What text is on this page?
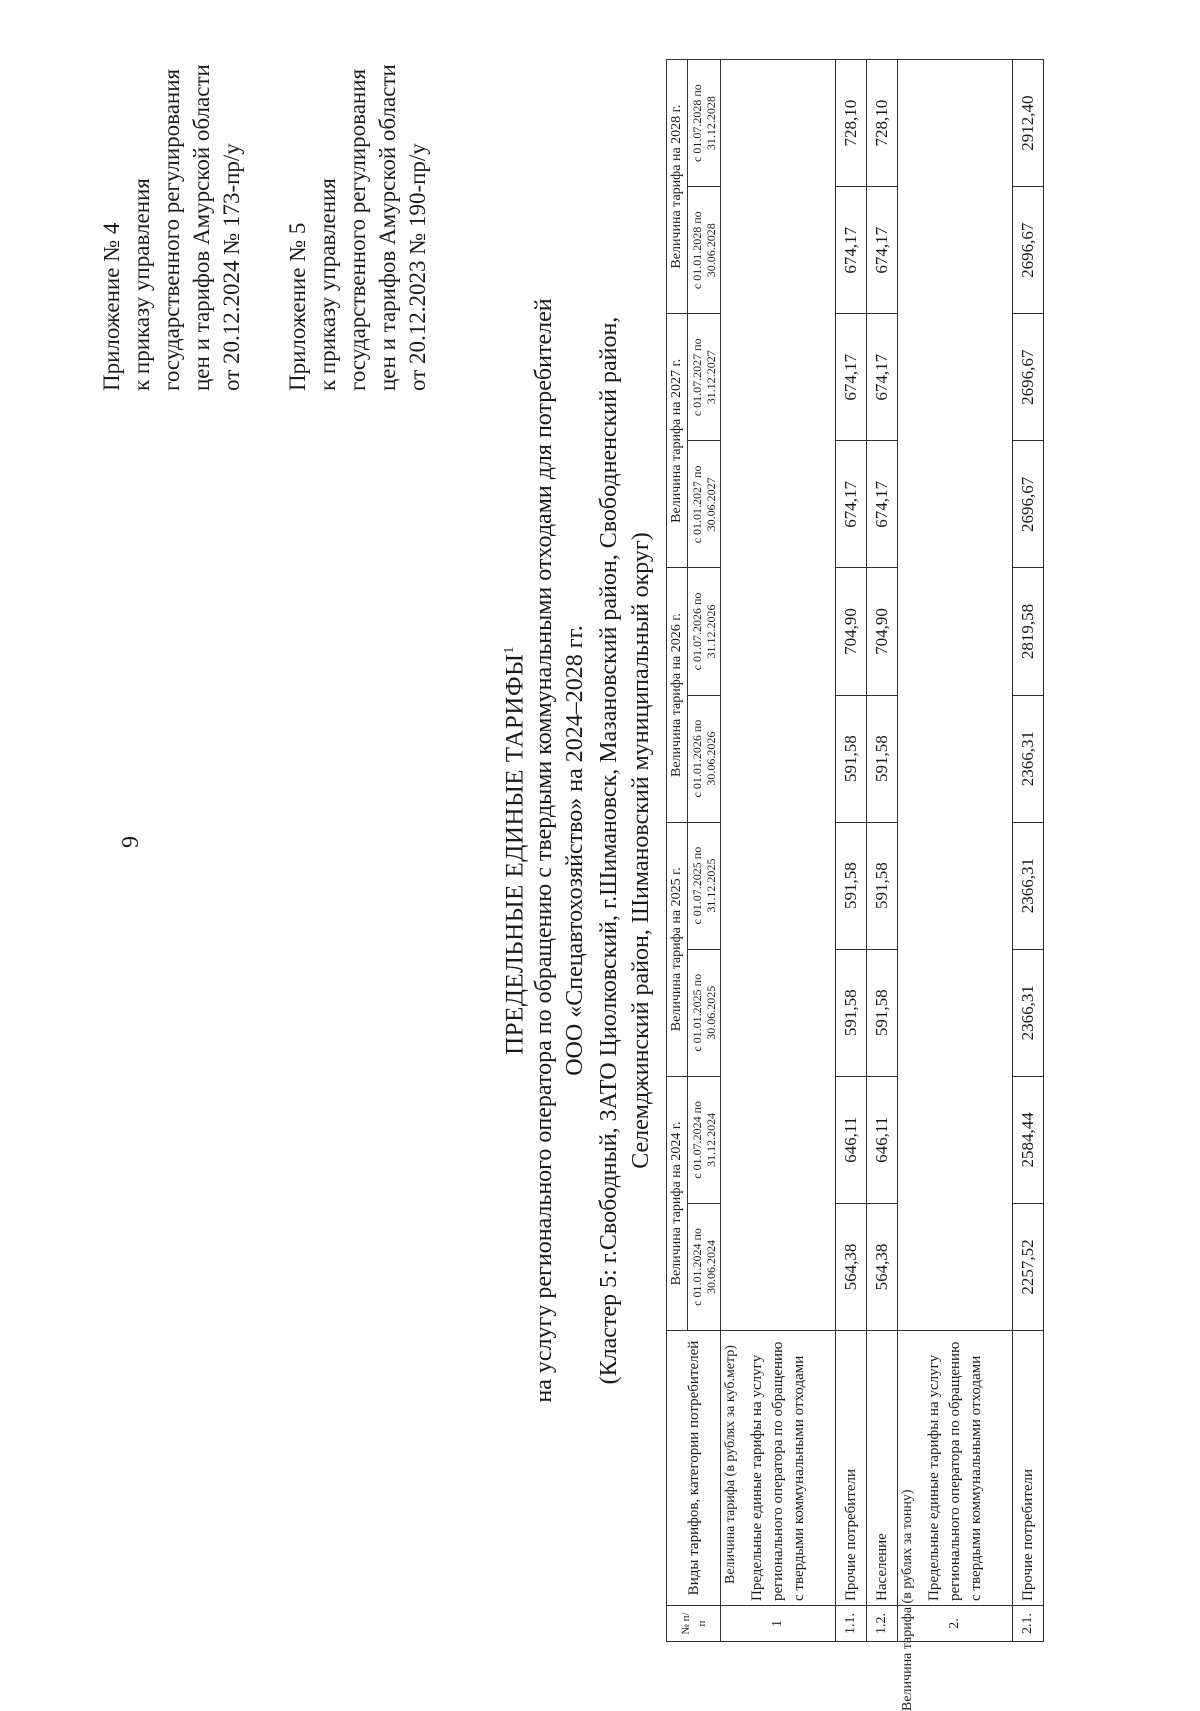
9
Приложение № 4 к приказу управления государственного регулирования цен и тарифов Амурской области от 20.12.2024 № 173-пр/у Приложение № 5 к приказу управления государственного регулирования цен и тарифов Амурской области от 20.12.2023 № 190-пр/у
ПРЕДЕЛЬНЫЕ ЕДИНЫЕ ТАРИФЫ$^1$ на услугу регионального оператора по обращению с твердыми коммунальными отходами для потребителей ООО «Спецавтохозяйство» на 2024–2028 гг. (Кластер 5: г.Свободный, ЗАТО Циолковский, г.Шимановск, Мазановский район, Свободненский район, Селемджинский район, Шимановский муниципальный округ)
№ п/п	Виды тарифов, категории потребителей	Величина тарифа на 2024 г.		Величина тарифа на 2025 г.		Величина тарифа на 2026 г.		Величина тарифа на 2027 г.		Величина тарифа на 2028 г.	
		с 01.01.2024 по 30.06.2024	с 01.07.2024 по 31.12.2024	с 01.01.2025 по 30.06.2025	с 01.07.2025 по 31.12.2025	с 01.01.2026 по 30.06.2026	с 01.07.2026 по 31.12.2026	с 01.01.2027 по 30.06.2027	с 01.07.2027 по 31.12.2027	с 01.01.2028 по 30.06.2028	с 01.07.2028 по 31.12.2028
1	Предельные единые тарифы на услугу регионального оператора по обращению с твердыми коммунальными отходами	Величина тарифа (в рублях за куб.метр)									

1.1.	Прочие потребители	564,38	646,11	591,58	591,58	591,58	704,90	674,17	674,17	674,17	728,10
1.2.	Население	564,38	646,11	591,58	591,58	591,58	704,90	674,17	674,17	674,17	728,10
2.	Предельные единые тарифы на услугу регионального оператора по обращению с твердыми коммунальными отходами	Величина тарифа (в рублях за тонну)									

2.1.	Прочие потребители	2257,52	2584,44	2366,31	2366,31	2366,31	2819,58	2696,67	2696,67	2696,67	2912,40
